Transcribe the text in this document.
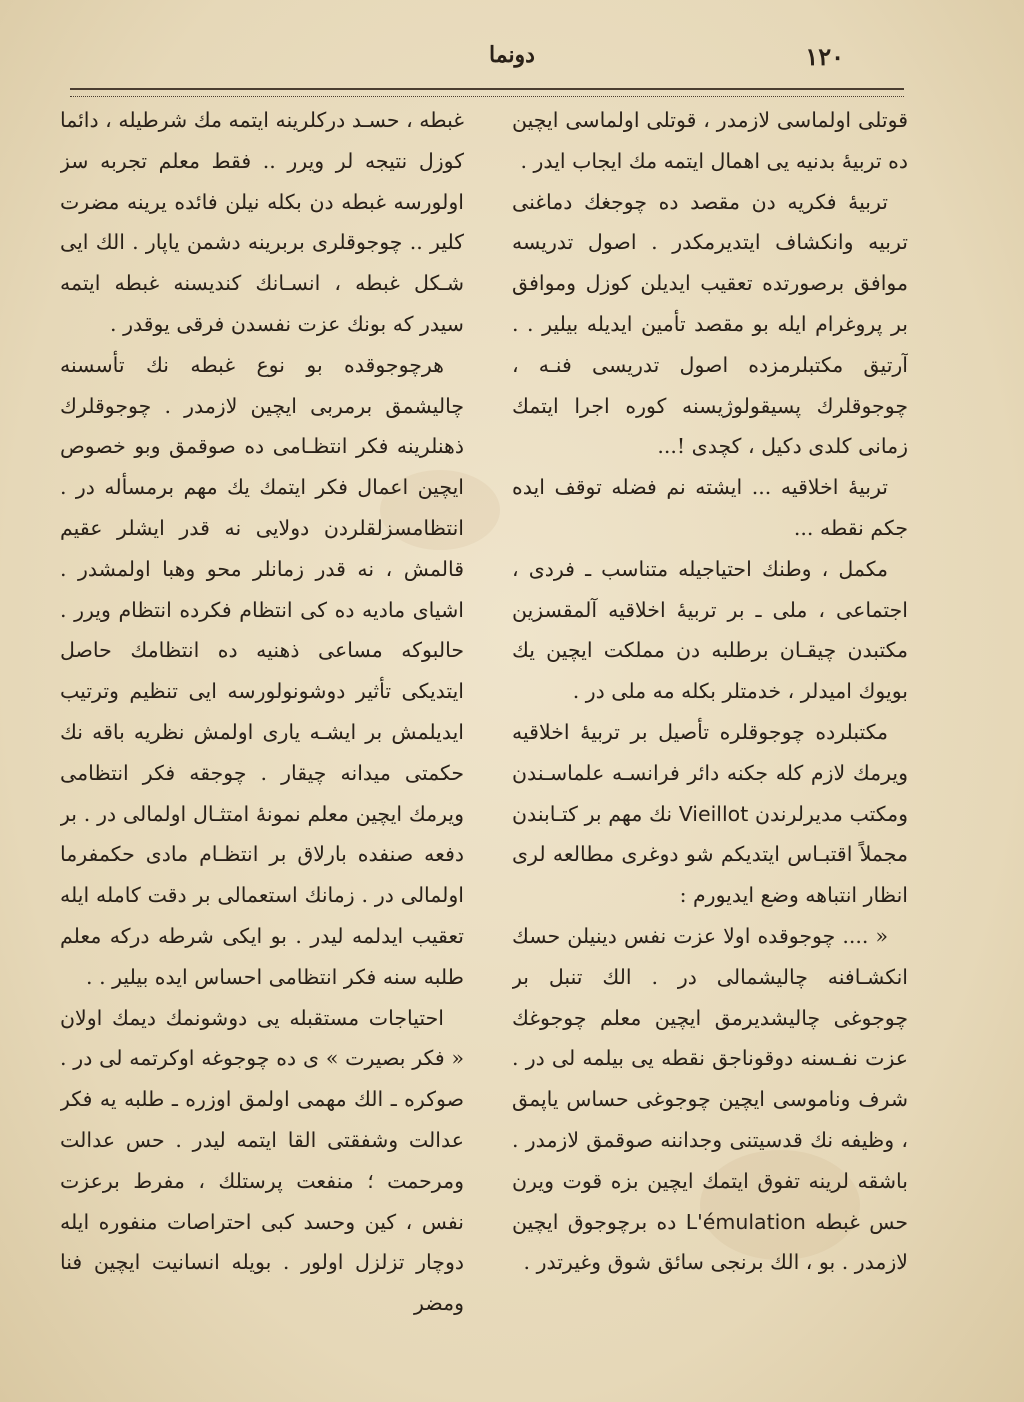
۱۲۰
دونما

قوتلی اولماسی لازمدر ، قوتلی اولماسی ایچین ده تربیهٔ بدنیه یی اهمال ایتمه مك ایجاب ایدر .

تربیهٔ فکریه دن مقصد ده چوجغك دماغنی تربیه وانکشاف ایتدیرمکدر . اصول تدریسه موافق برصورتده تعقیب ایدیلن کوزل وموافق بر پروغرام ایله بو مقصد تأمین ایدیله بیلیر . . آرتیق مکتبلرمزده اصول تدریسی فنـه ، چوجوقلرك پسیقولوژیسنه کوره اجرا ایتمك زمانی کلدی دکیل ، کچدی !...

تربیهٔ اخلاقیه ... ایشته نم فضله توقف ایده جکم نقطه ...

مکمل ، وطنك احتیاجیله متناسب ـ فردی ، اجتماعی ، ملی ـ بر تربیهٔ اخلاقیه آلمقسزین مکتبدن چیقـان برطلبه دن مملکت ایچین یك بویوك امیدلر ، خدمتلر بکله مه ملی در .

مکتبلرده چوجوقلره تأصیل بر تربیهٔ اخلاقیه ویرمك لازم کله جکنه دائر فرانسـه علماسـندن ومکتب مدیرلرندن Vieillot نك مهم بر کتـابندن مجملاً اقتبـاس ایتدیکم شو دوغری مطالعه لری انظار انتباهه وضع ایدیورم :

« .... چوجوقده اولا عزت نفس دینیلن حسك انکشـافنه چالیشمالی در . الك تنبل بر چوجوغی چالیشدیرمق ایچین معلم چوجوغك عزت نفـسنه دوقوناجق نقطه یی بیلمه لی در . شرف وناموسی ایچین چوجوغی حساس یاپمق ، وظیفه نك قدسیتنی وجداننه صوقمق لازمدر . باشقه لرینه تفوق ایتمك ایچین بزه قوت ویرن حس غبطه L'émulation ده برچوجوق ایچین لازمدر . بو ، الك برنجی سائق شوق وغیرتدر .

غبطه ، حسـد درکلرینه ایتمه مك شرطیله ، دائما کوزل نتیجه لر ویرر .. فقط معلم تجربه سز اولورسه غبطه دن بکله نیلن فائده یرینه مضرت کلیر .. چوجوقلری بربرینه دشمن یاپار . الك ایی شـکل غبطه ، انسـانك کندیسنه غبطه ایتمه سیدر که بونك عزت نفسدن فرقی یوقدر .

هرچوجوقده بو نوع غبطه نك تأسسنه چالیشمق برمربی ایچین لازمدر . چوجوقلرك ذهنلرینه فکر انتظـامی ده صوقمق وبو خصوص ایچین اعمال فکر ایتمك یك مهم برمسأله در . انتظامسزلقلردن دولایی نه قدر ایشلر عقیم قالمش ، نه قدر زمانلر محو وهبا اولمشدر . اشیای مادیه ده کی انتظام فکرده انتظام ویرر . حالبوکه مساعی ذهنیه ده انتظامك حاصل ایتدیکی تأثیر دوشونولورسه ایی تنظیم وترتیب ایدیلمش بر ایشـه یاری اولمش نظریه باقه نك حکمتی میدانه چیقار . چوجقه فکر انتظامی ویرمك ایچین معلم نمونهٔ امتثـال اولمالی در . بر دفعه صنفده بارلاق بر انتظـام مادی حکمفرما اولمالی در . زمانك استعمالی بر دقت کامله ایله تعقیب ایدلمه لیدر . بو ایکی شرطه درکه معلم طلبه سنه فکر انتظامی احساس ایده بیلیر . .

احتیاجات مستقبله یی دوشونمك دیمك اولان « فکر بصیرت » ی ده چوجوغه اوکرتمه لی در . صوکره ـ الك مهمی اولمق اوزره ـ طلبه یه فکر عدالت وشفقتی القا ایتمه لیدر . حس عدالت ومرحمت ؛ منفعت پرستلك ، مفرط برعزت نفس ، کین وحسد کبی احتراصات منفوره ایله دوچار تزلزل اولور . بویله انسانیت ایچین فنا ومضر
